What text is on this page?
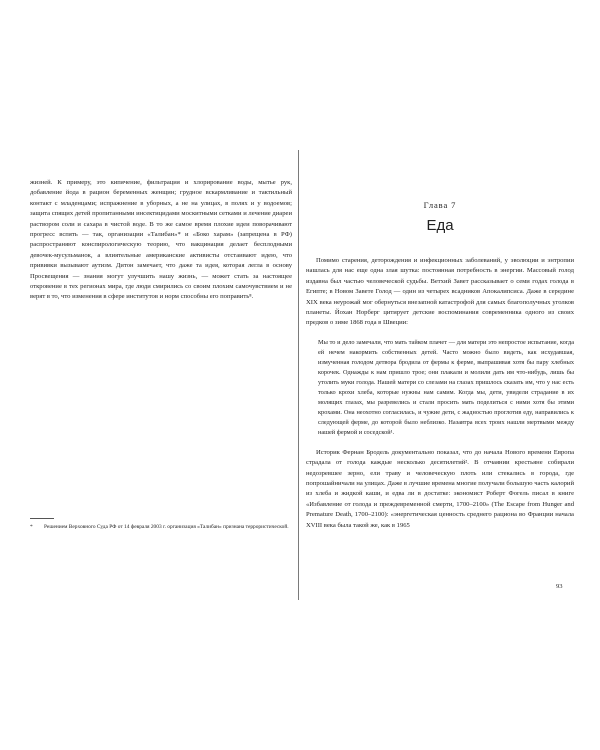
жизней. К примеру, это кипячение, фильтрация и хлорирование воды, мытье рук, добавление йода в рацион беременных женщин; грудное вскармливание и тактильный контакт с младенцами; испражнение в уборных, а не на улицах, в полях и у водоемов; защита спящих детей пропитанными инсектицидами москитными сетками и лечение диареи раствором соли и сахара в чистой воде. В то же самое время плохие идеи поворачивают прогресс вспять — так, организации «Талибан»* и «Боко харам» (запрещена в РФ) распространяют конспирологическую теорию, что вакцинация делает бесплодными девочек-мусульманок, а влиятельные американские активисты отстаивают идею, что прививки вызывают аутизм. Дитон замечает, что даже та идея, которая легла в основу Просвещения — знания могут улучшить нашу жизнь, — может стать за настоящее откровение в тех регионах мира, где люди смирились со своим плохим самочувствием и не верят в то, что изменения в сфере институтов и норм способны его поправить⁸.

*	Решением Верховного Суда РФ от 14 февраля 2003 г. организация «Талибан» признана террористической.

Глава 7

Еда

Помимо старения, деторождения и инфекционных заболеваний, у эволюции и энтропии нашлась для нас еще одна злая шутка: постоянная потребность в энергии. Массовый голод издавна был частью человеческой судьбы. Ветхий Завет рассказывает о семи годах голода в Египте; в Новом Завете Голод — один из четырех всадников Апокалипсиса. Даже в середине XIX века неурожай мог обернуться внезапной катастрофой для самых благополучных уголков планеты. Йохан Норберг цитирует детские воспоминания современника одного из своих предков о зиме 1868 года в Швеции:

Мы то и дело замечали, что мать тайком плачет — для матери это непростое испытание, когда ей нечем накормить собственных детей. Часто можно было видеть, как исхудавшая, измученная голодом детвора бродила от фермы к ферме, выпрашивая хотя бы пару хлебных корочек. Однажды к нам пришло трое; они плакали и молили дать им что-нибудь, лишь бы утолить муки голода. Нашей матери со слезами на глазах пришлось сказать им, что у нас есть только крохи хлеба, которые нужны нам самим. Когда мы, дети, увидели страдание в их молящих глазах, мы разревелись и стали просить мать поделиться с ними хотя бы этими крохами. Она неохотно согласилась, и чужие дети, с жадностью проглотив еду, направились к следующей ферме, до которой было неблизко. Назавтра всех троих нашли мертвыми между нашей фермой и соседской¹.

Историк Фернан Бродель документально показал, что до начала Нового времени Европа страдала от голода каждые несколько десятилетий². В отчаянии крестьяне собирали недозревшее зерно, ели траву и человеческую плоть или стекались в города, где попрошайничали на улицах. Даже в лучшие времена многие получали большую часть калорий из хлеба и жидкой каши, и едва ли в достатке: экономист Роберт Фогель писал в книге «Избавление от голода и преждевременной смерти, 1700–2100» (The Escape from Hunger and Premature Death, 1700–2100): «энергетическая ценность среднего рациона во Франции начала XVIII века была такой же, как в 1965

93
